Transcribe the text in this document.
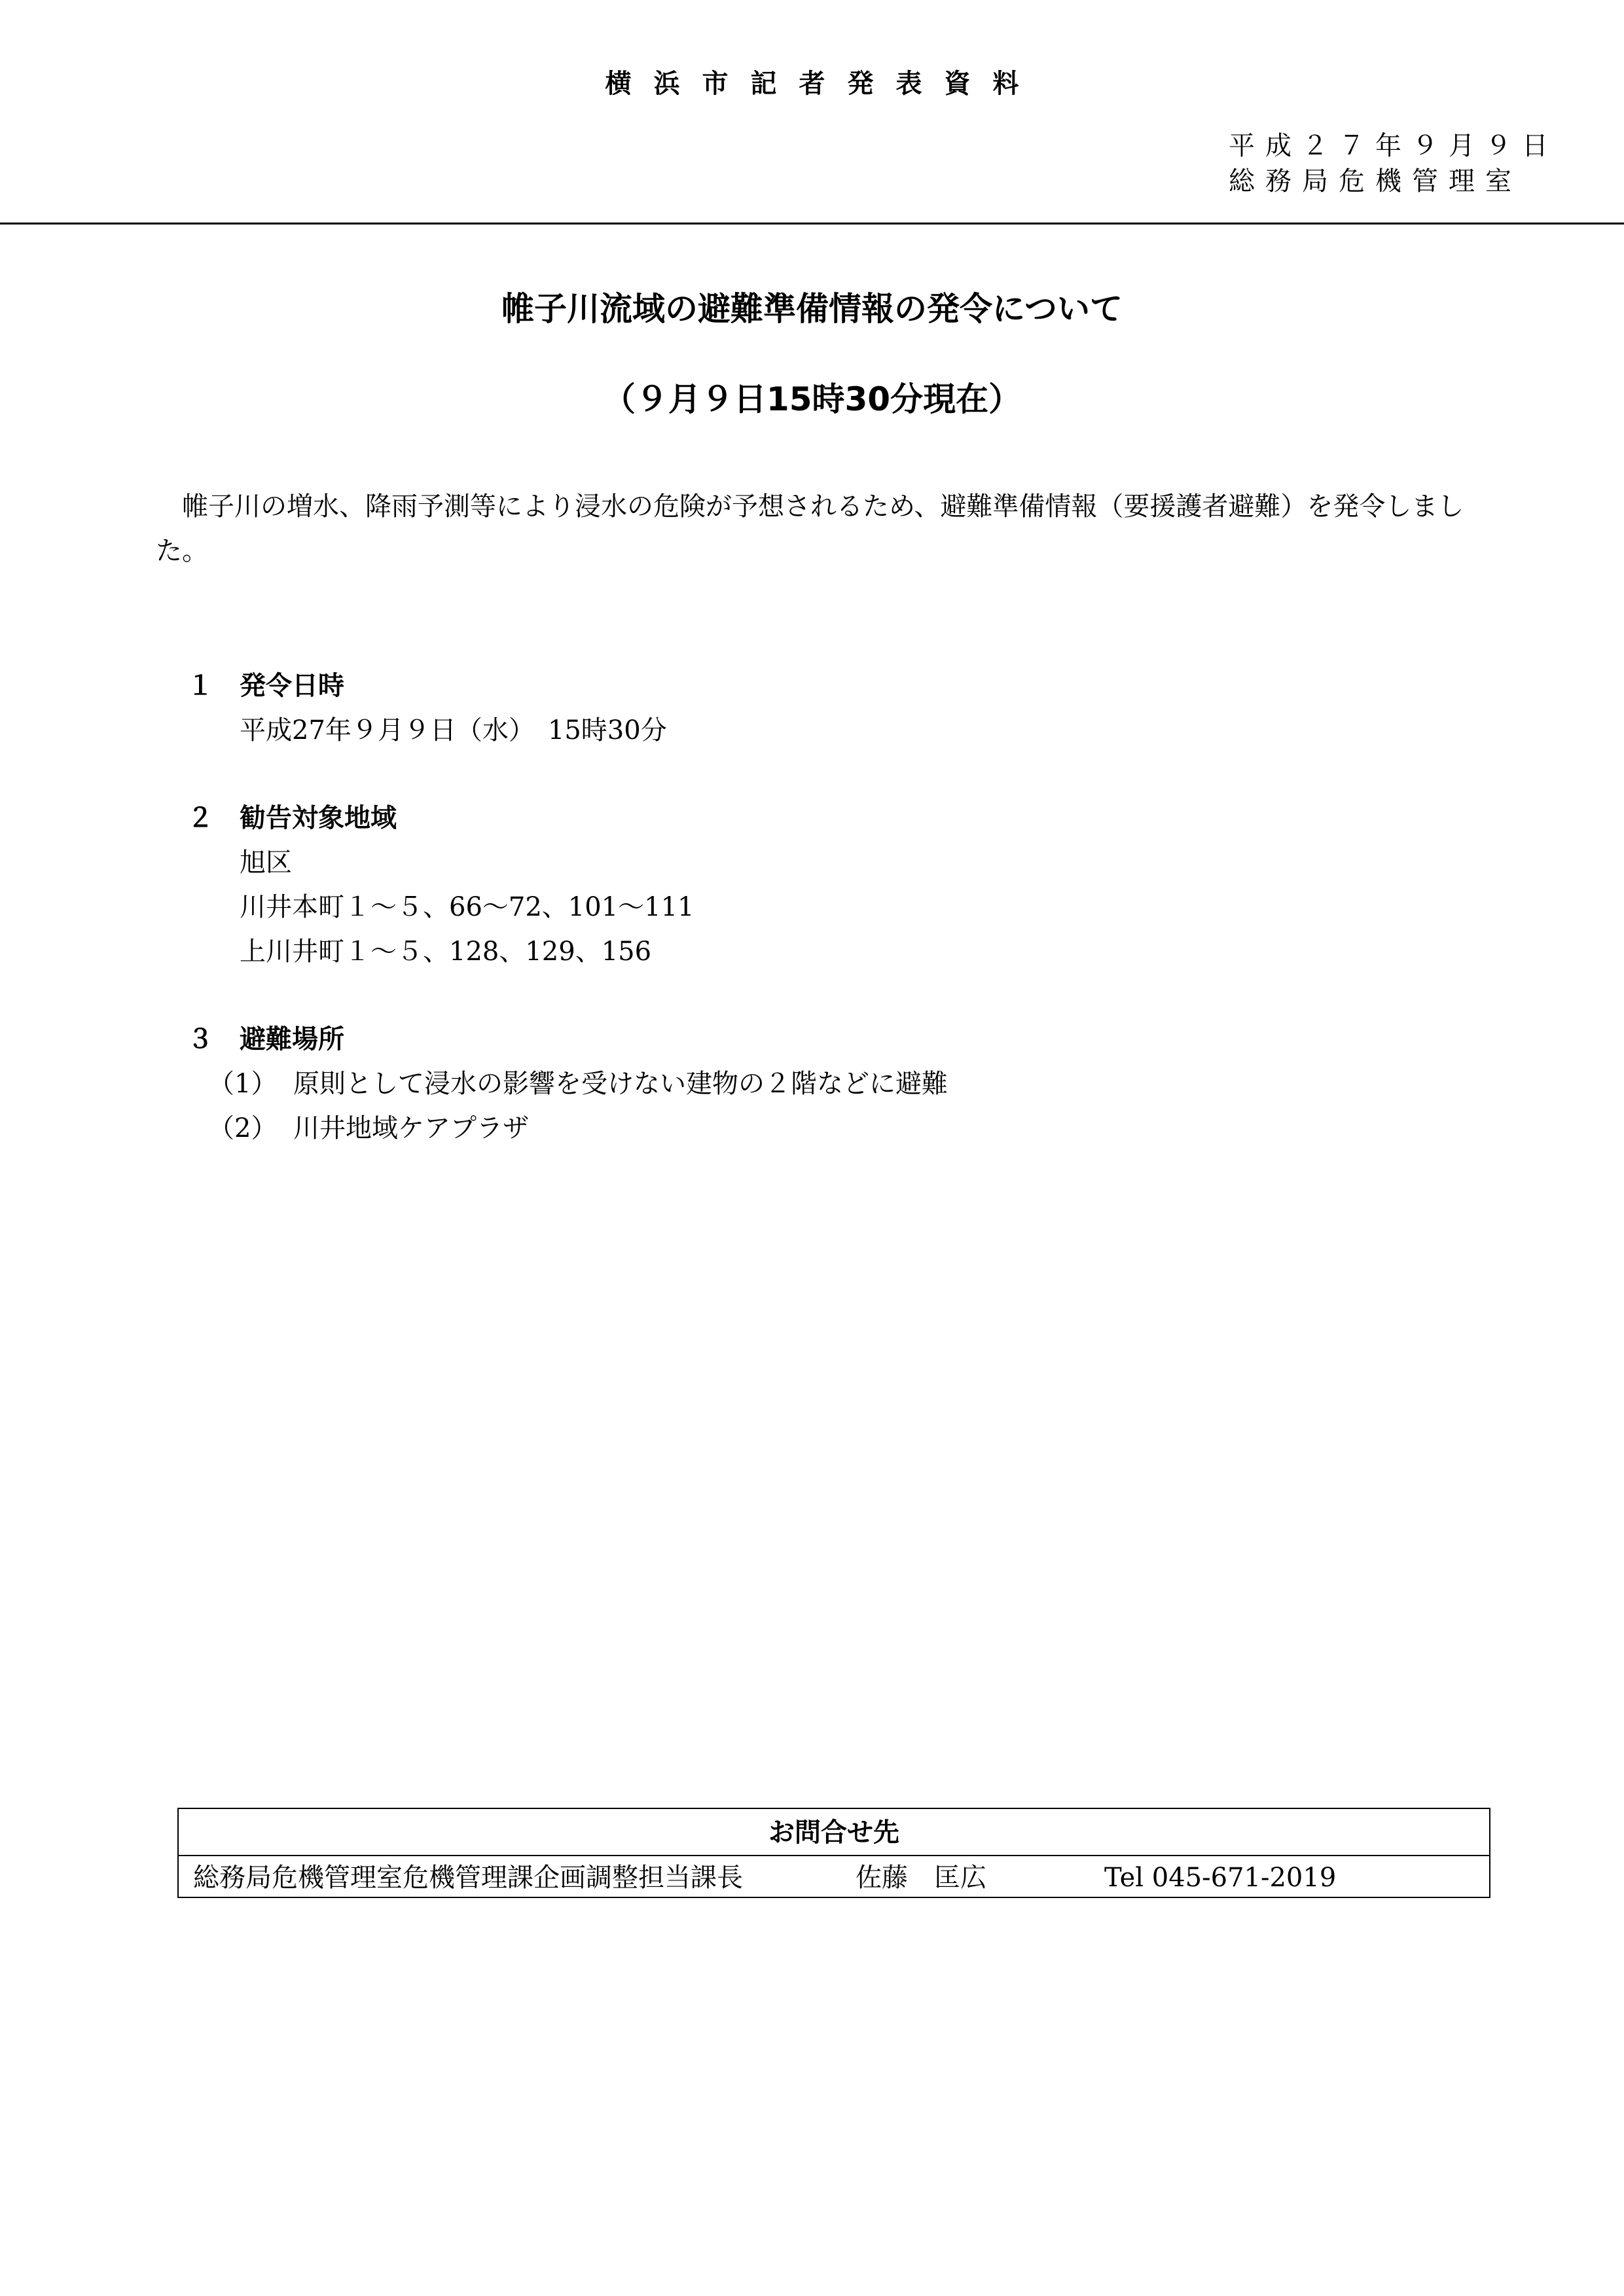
横浜市記者発表資料
平成２７年９月９日
総務局危機管理室
帷子川流域の避難準備情報の発令について
（９月９日15時30分現在）
帷子川の増水、降雨予測等により浸水の危険が予想されるため、避難準備情報（要援護者避難）を発令しました。
１ 発令日時
平成27年９月９日（水）　15時30分
２ 勧告対象地域
旭区
川井本町１～５、66～72、101～111
上川井町１～５、128、129、156
３ 避難場所
（1） 原則として浸水の影響を受けない建物の２階などに避難
（2） 川井地域ケアプラザ
お問合せ先
総務局危機管理室危機管理課企画調整担当課長	佐藤　匡広	Tel 045-671-2019
